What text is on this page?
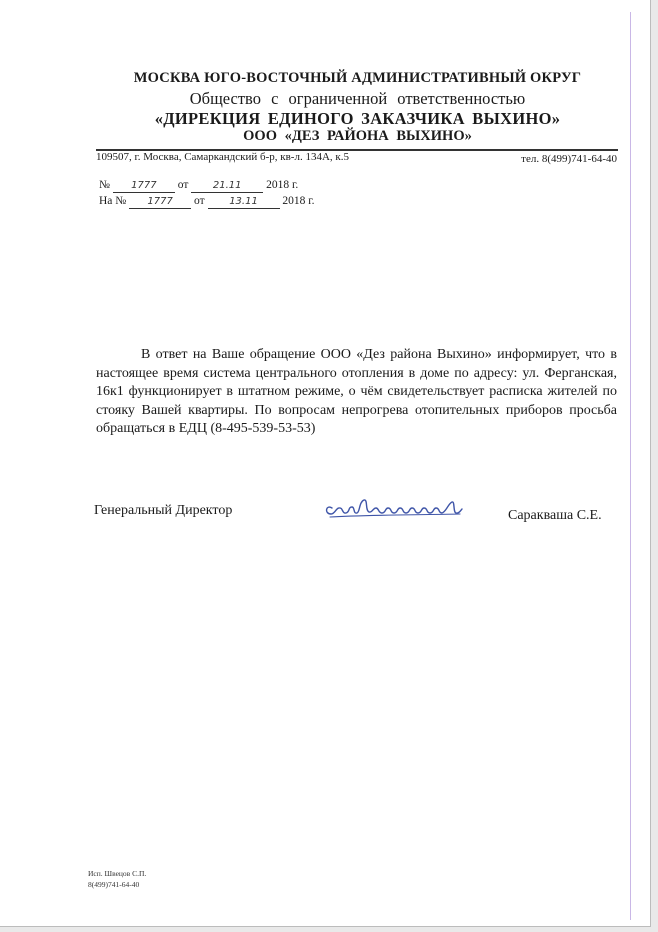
МОСКВА ЮГО-ВОСТОЧНЫЙ АДМИНИСТРАТИВНЫЙ ОКРУГ
Общество с ограниченной ответственностью
«ДИРЕКЦИЯ ЕДИНОГО ЗАКАЗЧИКА ВЫХИНО»
ООО «ДЕЗ РАЙОНА ВЫХИНО»
109507, г. Москва, Самаркандский б-р, кв-л. 134А, к.5	тел. 8(499)741-64-40
№ 1777 от 21.11 2018 г.
На № 1777 от 13.11 2018 г.
В ответ на Ваше обращение ООО «Дез района Выхино» информирует, что в настоящее время система центрального отопления в доме по адресу: ул. Ферганская, 16к1 функционирует в штатном режиме, о чём свидетельствует расписка жителей по стояку Вашей квартиры. По вопросам непрогрева отопительных приборов просьба обращаться в ЕДЦ (8-495-539-53-53)
Генеральный Директор	Саракваша С.Е.
Исп. Швецов С.П.
8(499)741-64-40
